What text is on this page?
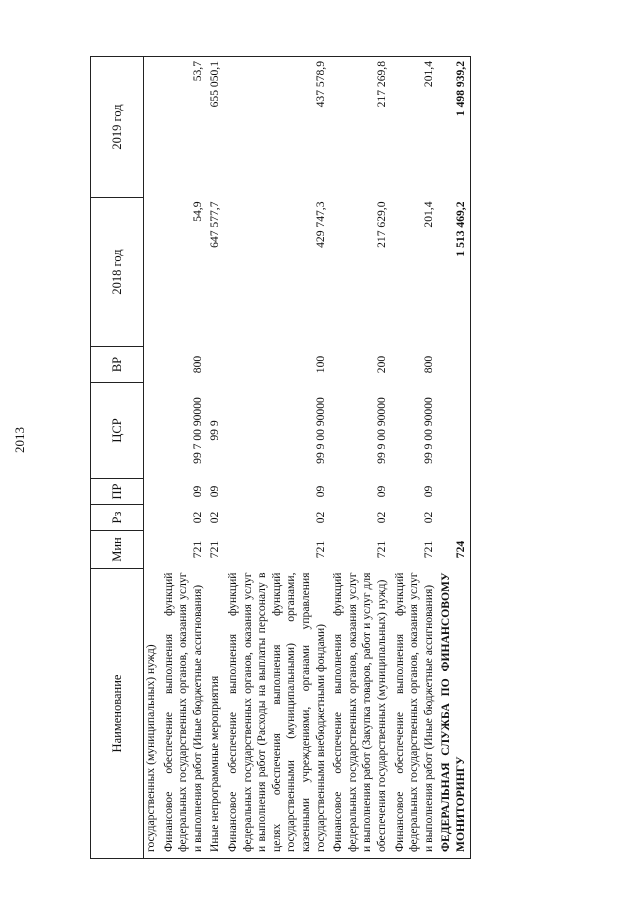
2013
Наименование	Мин	Рз	ПР	ЦСР	ВР	2018 год	2019 год
государственных (муниципальных) нужд)							
Финансовое обеспечение выполнения функций федеральных государственных органов, оказания услуг и выполнения работ (Иные бюджетные ассигнования)	721	02	09	99 7 00 90000	800	54,9	53,7
Иные непрограммные мероприятия	721	02	09	99 9		647 577,7	655 050,1
Финансовое обеспечение выполнения функций федеральных государственных органов, оказания услуг и выполнения работ (Расходы на выплаты персоналу в целях обеспечения выполнения функций государственными (муниципальными) органами, казенными учреждениями, органами управления государственными внебюджетными фондами)	721	02	09	99 9 00 90000	100	429 747,3	437 578,9
Финансовое обеспечение выполнения функций федеральных государственных органов, оказания услуг и выполнения работ (Закупка товаров, работ и услуг для обеспечения государственных (муниципальных) нужд)	721	02	09	99 9 00 90000	200	217 629,0	217 269,8
Финансовое обеспечение выполнения функций федеральных государственных органов, оказания услуг и выполнения работ (Иные бюджетные ассигнования)	721	02	09	99 9 00 90000	800	201,4	201,4
ФЕДЕРАЛЬНАЯ СЛУЖБА ПО ФИНАНСОВОМУ МОНИТОРИНГУ	724					1 513 469,2	1 498 939,2
